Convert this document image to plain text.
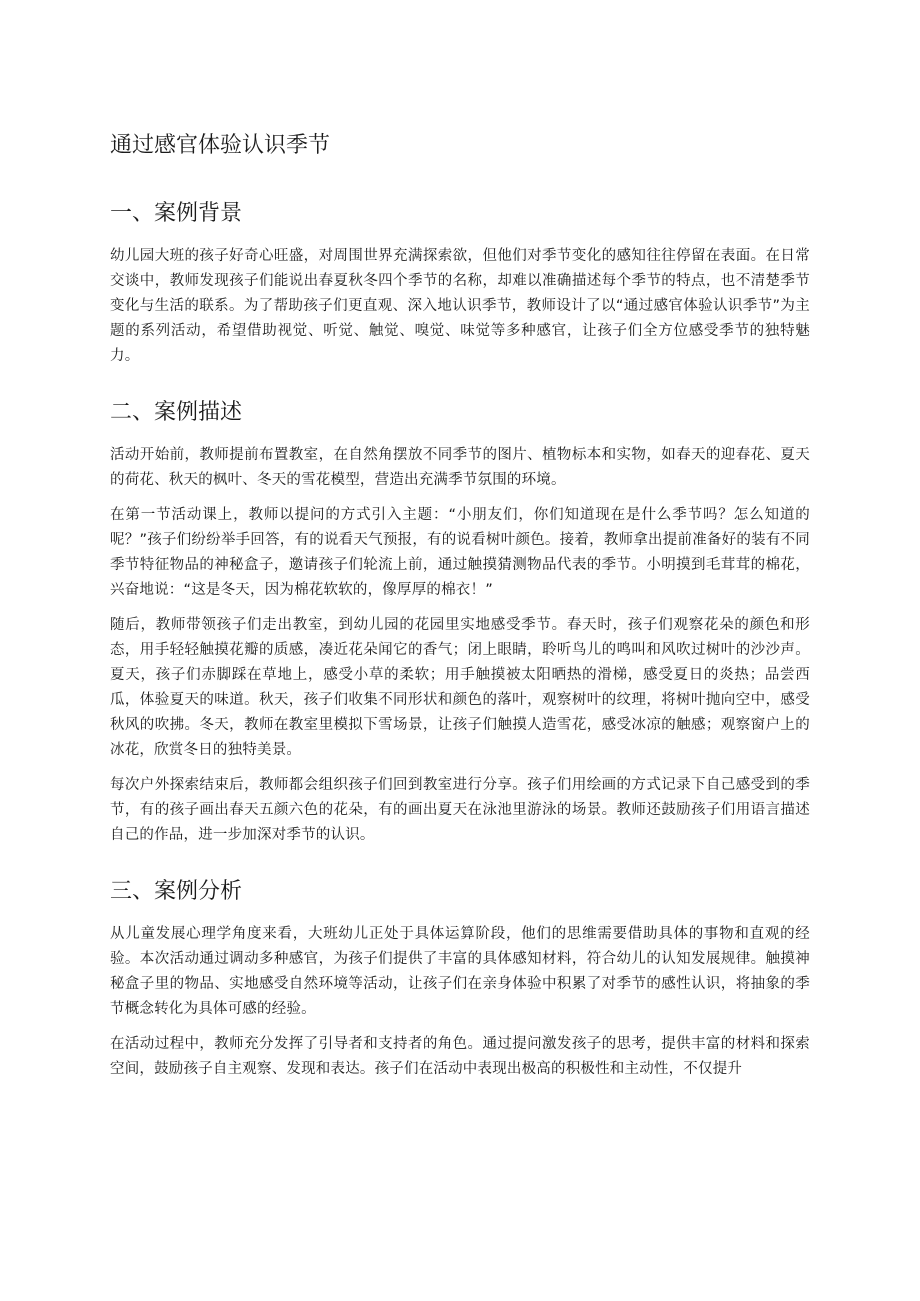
通过感官体验认识季节
一、案例背景

幼儿园大班的孩子好奇心旺盛，对周围世界充满探索欲，但他们对季节变化的感知往往停留在表面。在日常交谈中，教师发现孩子们能说出春夏秋冬四个季节的名称，却难以准确描述每个季节的特点，也不清楚季节变化与生活的联系。为了帮助孩子们更直观、深入地认识季节，教师设计了以“通过感官体验认识季节”为主题的系列活动，希望借助视觉、听觉、触觉、嗅觉、味觉等多种感官，让孩子们全方位感受季节的独特魅力。

二、案例描述

活动开始前，教师提前布置教室，在自然角摆放不同季节的图片、植物标本和实物，如春天的迎春花、夏天的荷花、秋天的枫叶、冬天的雪花模型，营造出充满季节氛围的环境。

在第一节活动课上，教师以提问的方式引入主题：“小朋友们，你们知道现在是什么季节吗？怎么知道的呢？”孩子们纷纷举手回答，有的说看天气预报，有的说看树叶颜色。接着，教师拿出提前准备好的装有不同季节特征物品的神秘盒子，邀请孩子们轮流上前，通过触摸猜测物品代表的季节。小明摸到毛茸茸的棉花，兴奋地说：“这是冬天，因为棉花软软的，像厚厚的棉衣！”

随后，教师带领孩子们走出教室，到幼儿园的花园里实地感受季节。春天时，孩子们观察花朵的颜色和形态，用手轻轻触摸花瓣的质感，凑近花朵闻它的香气；闭上眼睛，聆听鸟儿的鸣叫和风吹过树叶的沙沙声。夏天，孩子们赤脚踩在草地上，感受小草的柔软；用手触摸被太阳晒热的滑梯，感受夏日的炎热；品尝西瓜，体验夏天的味道。秋天，孩子们收集不同形状和颜色的落叶，观察树叶的纹理，将树叶抛向空中，感受秋风的吹拂。冬天，教师在教室里模拟下雪场景，让孩子们触摸人造雪花，感受冰凉的触感；观察窗户上的冰花，欣赏冬日的独特美景。

每次户外探索结束后，教师都会组织孩子们回到教室进行分享。孩子们用绘画的方式记录下自己感受到的季节，有的孩子画出春天五颜六色的花朵，有的画出夏天在泳池里游泳的场景。教师还鼓励孩子们用语言描述自己的作品，进一步加深对季节的认识。

三、案例分析

从儿童发展心理学角度来看，大班幼儿正处于具体运算阶段，他们的思维需要借助具体的事物和直观的经验。本次活动通过调动多种感官，为孩子们提供了丰富的具体感知材料，符合幼儿的认知发展规律。触摸神秘盒子里的物品、实地感受自然环境等活动，让孩子们在亲身体验中积累了对季节的感性认识，将抽象的季节概念转化为具体可感的经验。

在活动过程中，教师充分发挥了引导者和支持者的角色。通过提问激发孩子的思考，提供丰富的材料和探索空间，鼓励孩子自主观察、发现和表达。孩子们在活动中表现出极高的积极性和主动性，不仅提升
